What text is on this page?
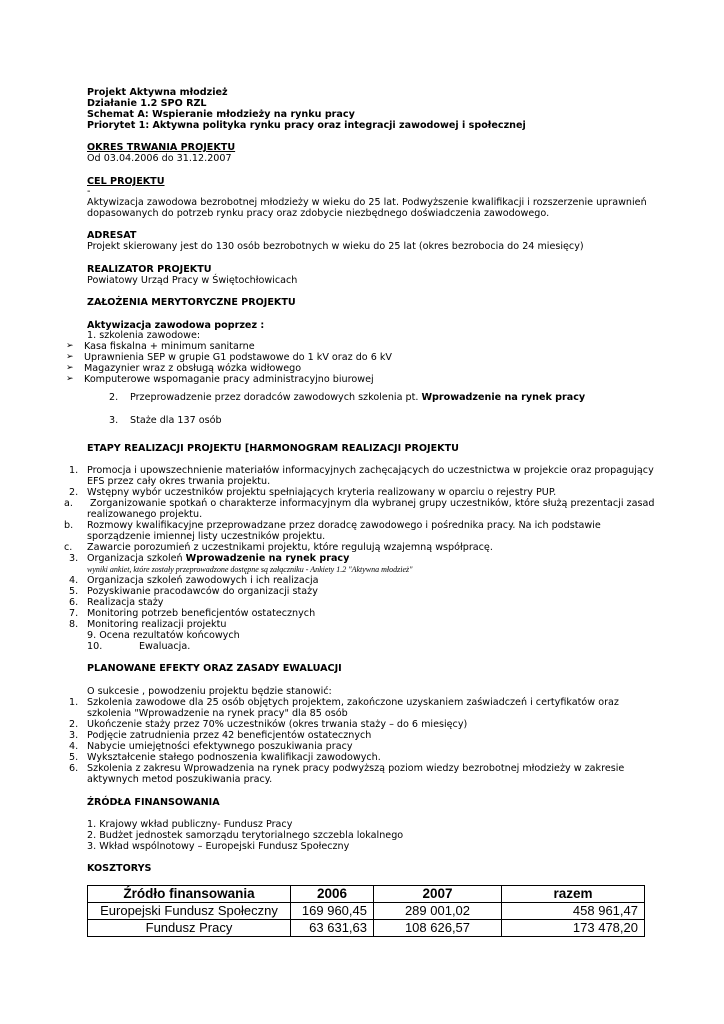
Projekt Aktywna młodzież
Działanie 1.2 SPO RZL
Schemat A: Wspieranie młodzieży na rynku pracy
Priorytet 1: Aktywna polityka rynku pracy oraz integracji zawodowej i społecznej
OKRES TRWANIA PROJEKTU
Od 03.04.2006 do 31.12.2007
CEL PROJEKTU
-
Aktywizacja zawodowa bezrobotnej młodzieży w wieku do 25 lat. Podwyższenie kwalifikacji i rozszerzenie uprawnień
dopasowanych do potrzeb rynku pracy oraz zdobycie niezbędnego doświadczenia zawodowego.
ADRESAT
Projekt skierowany jest do 130 osób bezrobotnych w wieku do 25 lat (okres bezrobocia do 24 miesięcy)
REALIZATOR PROJEKTU
Powiatowy Urząd Pracy w Świętochłowicach
ZAŁOŻENIA MERYTORYCZNE PROJEKTU
Aktywizacja zawodowa poprzez :
1. szkolenia zawodowe:
➢ Kasa fiskalna + minimum sanitarne
➢ Uprawnienia SEP w grupie G1 podstawowe do 1 kV oraz do 6 kV
➢ Magazynier wraz z obsługą wózka widłowego
➢ Komputerowe wspomaganie pracy administracyjno biurowej
2. Przeprowadzenie przez doradców zawodowych szkolenia pt. Wprowadzenie na rynek pracy
3. Staże dla 137 osób
ETAPY REALIZACJI PROJEKTU [HARMONOGRAM REALIZACJI PROJEKTU
1. Promocja i upowszechnienie materiałów informacyjnych zachęcających do uczestnictwa w projekcie oraz propagujący
EFS przez cały okres trwania projektu.
2. Wstępny wybór uczestników projektu spełniających kryteria realizowany w oparciu o rejestry PUP.
a. Zorganizowanie spotkań o charakterze informacyjnym dla wybranej grupy uczestników, które służą prezentacji zasad
realizowanego projektu.
b. Rozmowy kwalifikacyjne przeprowadzane przez doradcę zawodowego i pośrednika pracy. Na ich podstawie
sporządzenie imiennej listy uczestników projektu.
c. Zawarcie porozumień z uczestnikami projektu, które regulują wzajemną współpracę.
3. Organizacja szkoleń Wprowadzenie na rynek pracy
wyniki ankiet, które zostały przeprowadzone dostępne są załączniku - Ankiety 1.2 "Aktywna młodzież"
4. Organizacja szkoleń zawodowych i ich realizacja
5. Pozyskiwanie pracodawców do organizacji staży
6. Realizacja staży
7. Monitoring potrzeb beneficjentów ostatecznych
8. Monitoring realizacji projektu
9. Ocena rezultatów końcowych
10.	Ewaluacja.
PLANOWANE EFEKTY ORAZ ZASADY EWALUACJI
O sukcesie , powodzeniu projektu będzie stanowić:
1. Szkolenia zawodowe dla 25 osób objętych projektem, zakończone uzyskaniem zaświadczeń i certyfikatów oraz
szkolenia "Wprowadzenie na rynek pracy" dla 85 osób
2. Ukończenie staży przez 70% uczestników (okres trwania staży – do 6 miesięcy)
3. Podjęcie zatrudnienia przez 42 beneficjentów ostatecznych
4. Nabycie umiejętności efektywnego poszukiwania pracy
5. Wykształcenie stałego podnoszenia kwalifikacji zawodowych.
6. Szkolenia z zakresu Wprowadzenia na rynek pracy podwyższą poziom wiedzy bezrobotnej młodzieży w zakresie
aktywnych metod poszukiwania pracy.
ŹRÓDŁA FINANSOWANIA
1. Krajowy wkład publiczny- Fundusz Pracy
2. Budżet jednostek samorządu terytorialnego szczebla lokalnego
3. Wkład wspólnotowy – Europejski Fundusz Społeczny
KOSZTORYS
Źródło finansowania	2006	2007	razem
Europejski Fundusz Społeczny	169 960,45	289 001,02	458 961,47
Fundusz Pracy	63 631,63	108 626,57	173 478,20
